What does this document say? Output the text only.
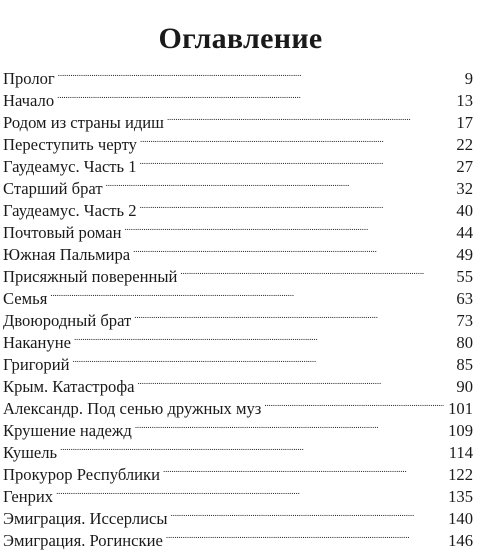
Оглавление
Пролог . . .	9
Начало . . .	13
Родом из страны идиш . . .	17
Переступить черту . . .	22
Гаудеамус. Часть 1 . . .	27
Старший брат . . .	32
Гаудеамус. Часть 2 . . .	40
Почтовый роман . . .	44
Южная Пальмира . . .	49
Присяжный поверенный . . .	55
Семья . . .	63
Двоюродный брат . . .	73
Накануне . . .	80
Григорий . . .	85
Крым. Катастрофа . . .	90
Александр. Под сенью дружных муз . . .	101
Крушение надежд . . .	109
Кушель . . .	114
Прокурор Республики . . .	122
Генрих . . .	135
Эмиграция. Иссерлисы . . .	140
Эмиграция. Рогинские . . .	146
